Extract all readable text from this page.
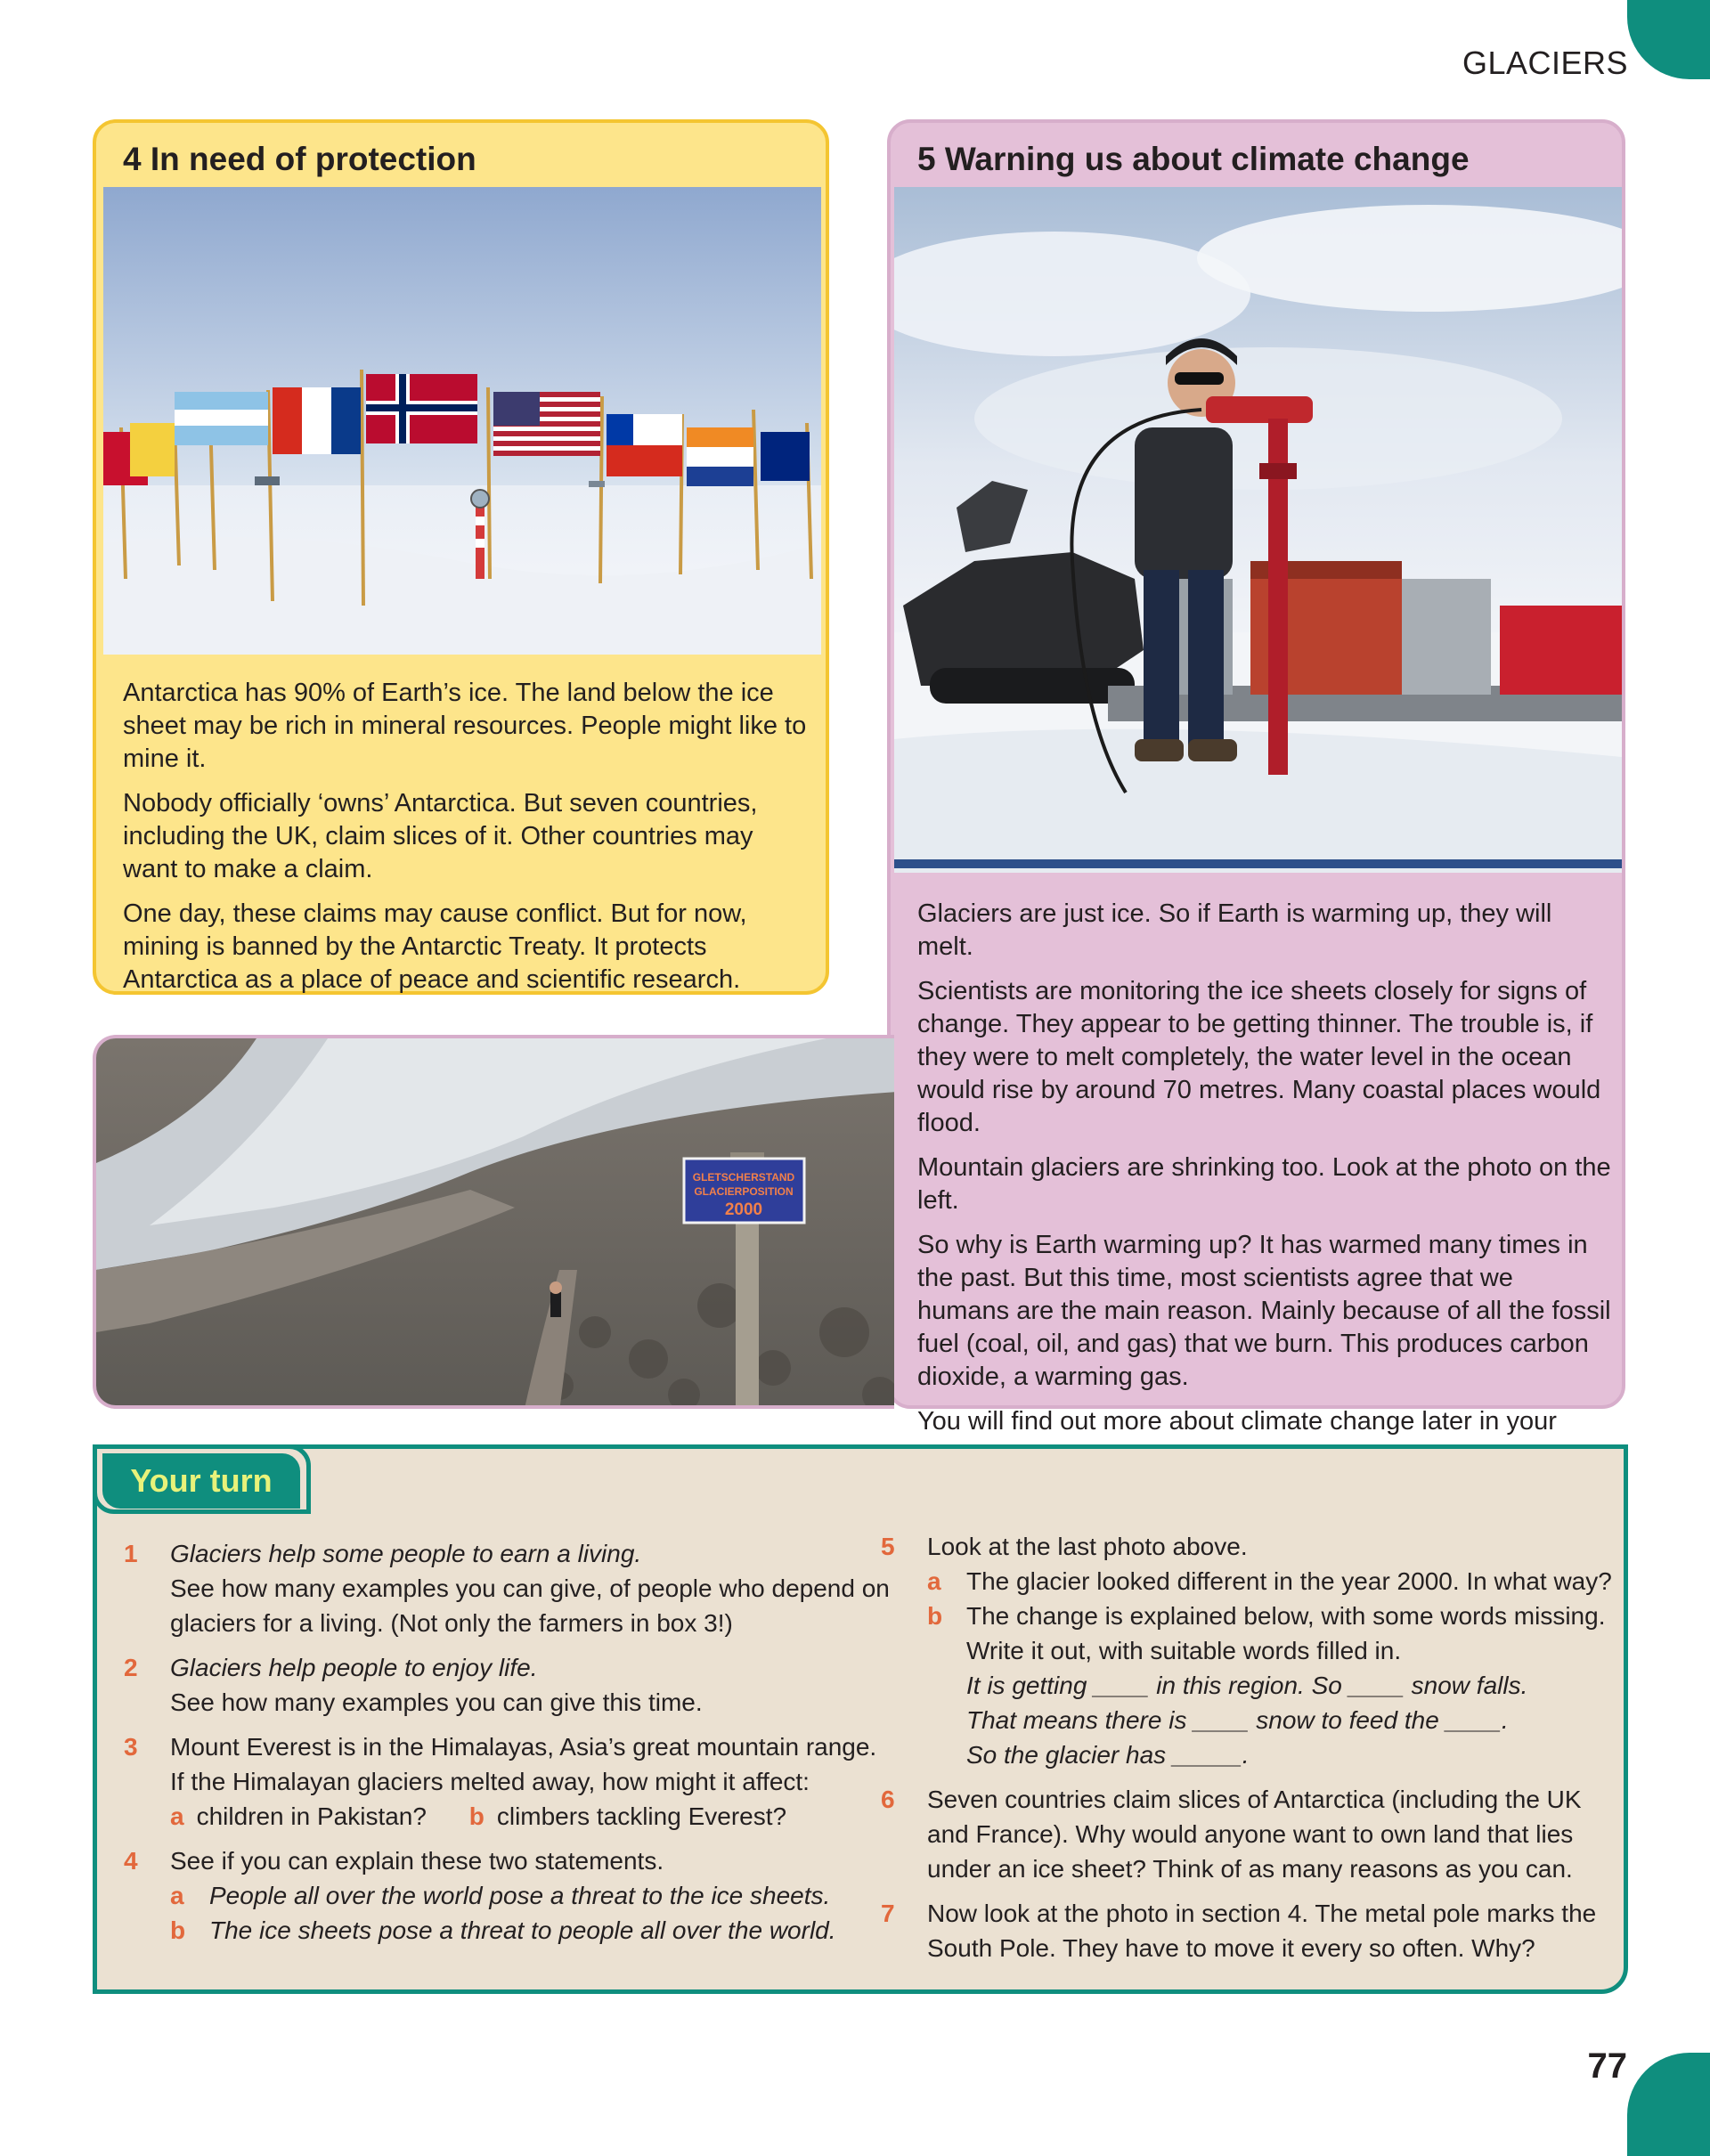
GLACIERS
77
4 In need of protection

Antarctica has 90% of Earth’s ice. The land below the ice sheet may be rich in mineral resources. People might like to mine it.

Nobody officially ‘owns’ Antarctica. But seven countries, including the UK, claim slices of it. Other countries may want to make a claim.

One day, these claims may cause conflict. But for now, mining is banned by the Antarctic Treaty. It protects Antarctica as a place of peace and scientific research.

5 Warning us about climate change

Glaciers are just ice. So if Earth is warming up, they will melt.

Scientists are monitoring the ice sheets closely for signs of change. They appear to be getting thinner. The trouble is, if they were to melt completely, the water level in the ocean would rise by around 70 metres. Many coastal places would flood.

Mountain glaciers are shrinking too. Look at the photo on the left.

So why is Earth warming up? It has warmed many times in the past. But this time, most scientists agree that we humans are the main reason. Mainly because of all the fossil fuel (coal, oil, and gas) that we burn. This produces carbon dioxide, a warming gas.

You will find out more about climate change later in your

GLETSCHERSTAND
GLACIERPOSITION
2000
Your turn
1 Glaciers help some people to earn a living.
See how many examples you can give, of people who depend on glaciers for a living. (Not only the farmers in box 3!)
2 Glaciers help people to enjoy life.
See how many examples you can give this time.
3 Mount Everest is in the Himalayas, Asia’s great mountain range.
If the Himalayan glaciers melted away, how might it affect:
a children in Pakistan? b climbers tackling Everest?
4 See if you can explain these two statements.
a People all over the world pose a threat to the ice sheets.
b The ice sheets pose a threat to people all over the world.
5 Look at the last photo above.
a The glacier looked different in the year 2000. In what way?
b The change is explained below, with some words missing. Write it out, with suitable words filled in.
It is getting ____ in this region. So ____ snow falls.
That means there is ____ snow to feed the ____.
So the glacier has _____.
6 Seven countries claim slices of Antarctica (including the UK and France). Why would anyone want to own land that lies under an ice sheet? Think of as many reasons as you can.
7 Now look at the photo in section 4. The metal pole marks the South Pole. They have to move it every so often. Why?
